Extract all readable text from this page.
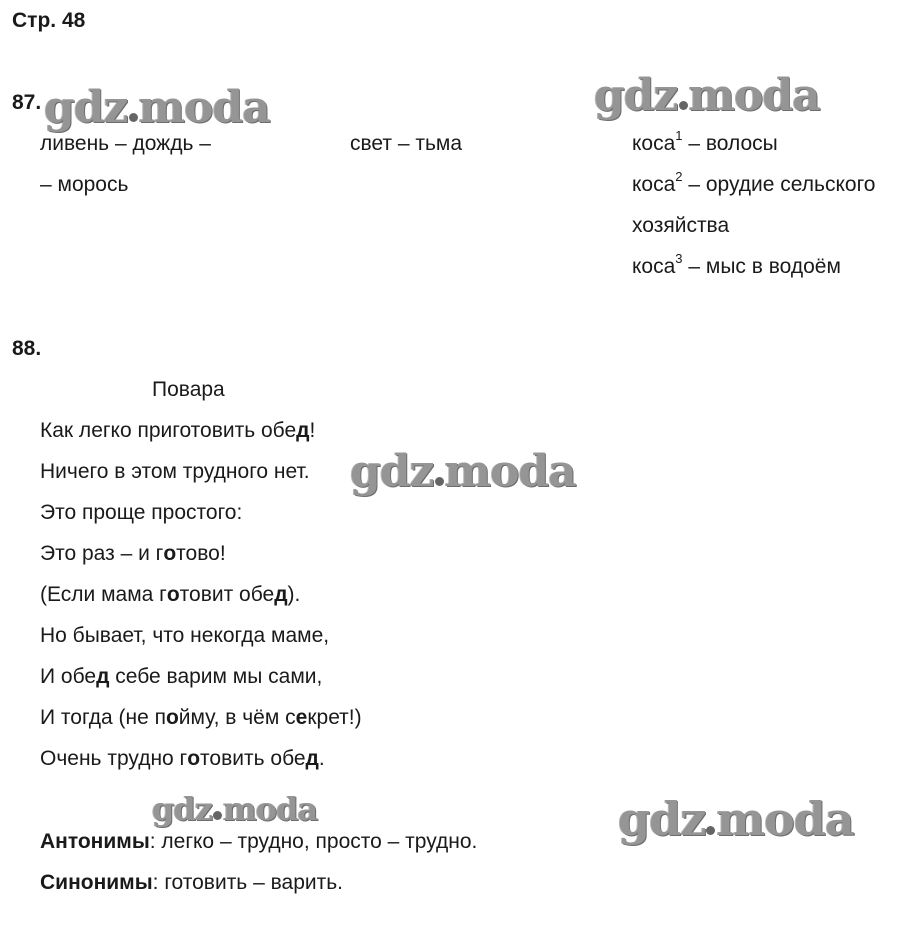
Стр. 48
gdz moda	gdz moda
gdz moda
gdz moda	gdz moda
87.
ливень – дождь –
– морось
свет – тьма	коса$^1$ – волосы
коса$^2$ – орудие сельского
хозяйства
коса$^3$ – мыс в водоём
88.
Повара
Как легко приготовить обед!
Ничего в этом трудного нет.
Это проще простого:
Это раз – и готово!
(Если мама готовит обед).
Но бывает, что некогда маме,
И обед себе варим мы сами,
И тогда (не пойму, в чём секрет!)
Очень трудно готовить обед.
Антонимы: легко – трудно, просто – трудно.
Синонимы: готовить – варить.
